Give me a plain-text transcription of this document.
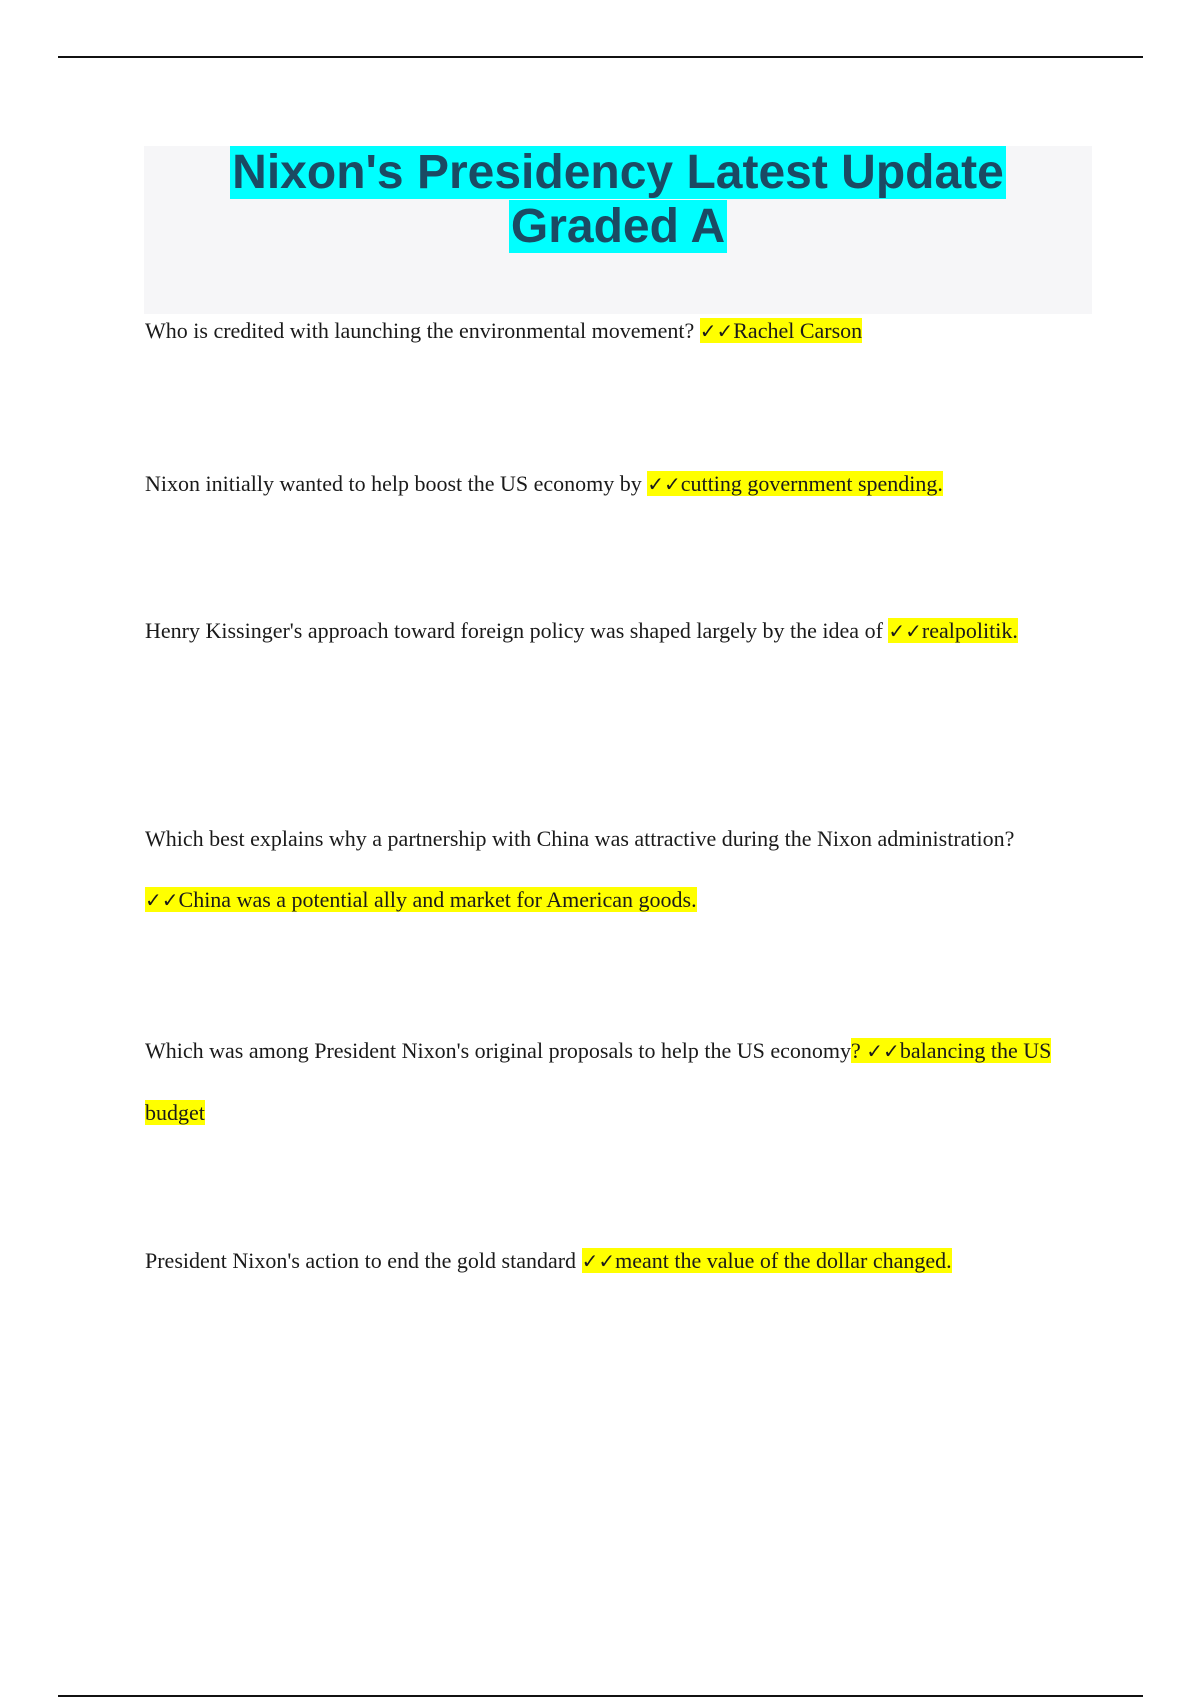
Nixon's Presidency Latest Update
Graded A

Who is credited with launching the environmental movement? ✓✓Rachel Carson

Nixon initially wanted to help boost the US economy by ✓✓cutting government spending.

Henry Kissinger's approach toward foreign policy was shaped largely by the idea of ✓✓realpolitik.

Which best explains why a partnership with China was attractive during the Nixon administration? ✓✓China was a potential ally and market for American goods.

Which was among President Nixon's original proposals to help the US economy? ✓✓balancing the US budget

President Nixon's action to end the gold standard ✓✓meant the value of the dollar changed.
